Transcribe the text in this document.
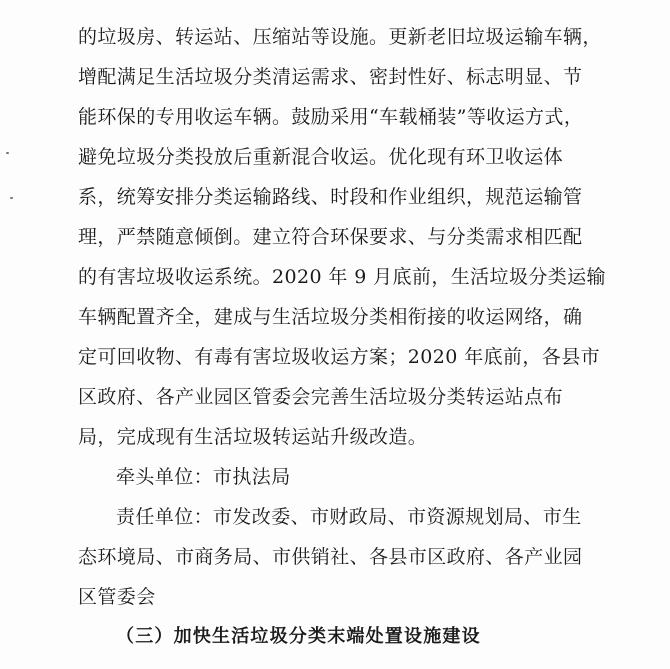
的垃圾房、转运站、压缩站等设施。更新老旧垃圾运输车辆，
增配满足生活垃圾分类清运需求、密封性好、标志明显、节
能环保的专用收运车辆。鼓励采用“车载桶装”等收运方式，
避免垃圾分类投放后重新混合收运。优化现有环卫收运体
系，统筹安排分类运输路线、时段和作业组织，规范运输管
理，严禁随意倾倒。建立符合环保要求、与分类需求相匹配
的有害垃圾收运系统。2020 年 9 月底前，生活垃圾分类运输
车辆配置齐全，建成与生活垃圾分类相衔接的收运网络，确
定可回收物、有毒有害垃圾收运方案；2020 年底前，各县市
区政府、各产业园区管委会完善生活垃圾分类转运站点布
局，完成现有生活垃圾转运站升级改造。
牵头单位：市执法局
责任单位：市发改委、市财政局、市资源规划局、市生
态环境局、市商务局、市供销社、各县市区政府、各产业园
区管委会
（三）加快生活垃圾分类末端处置设施建设
